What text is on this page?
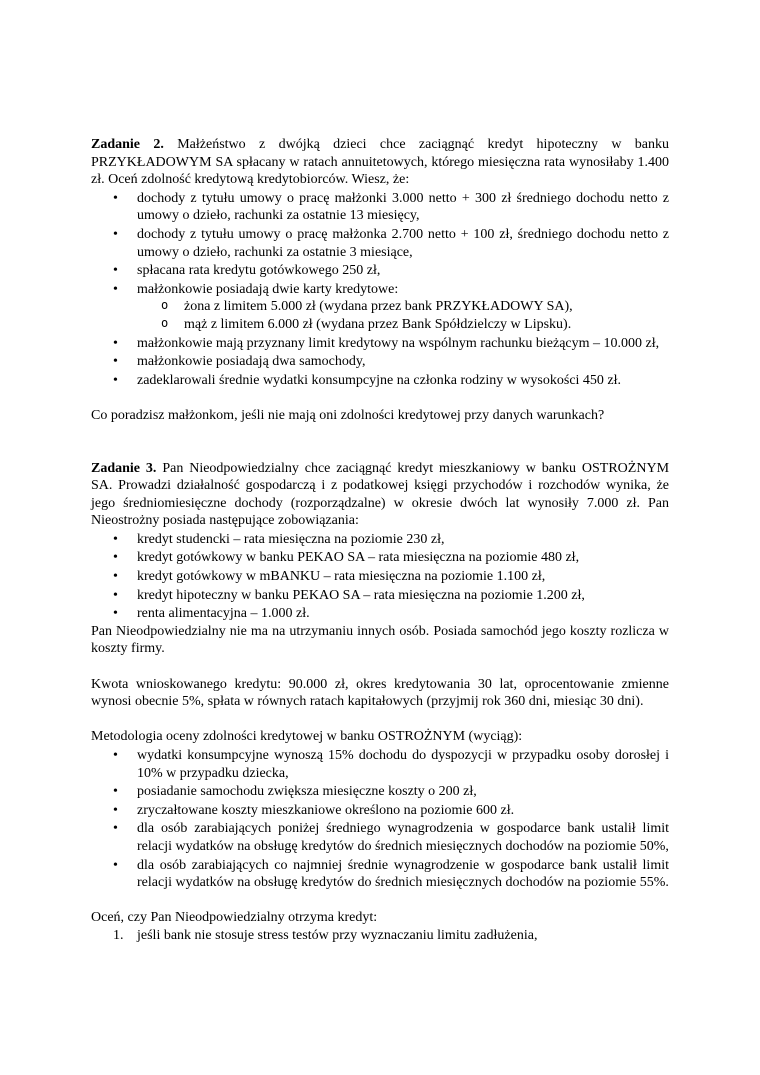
Zadanie 2. Małżeństwo z dwójką dzieci chce zaciągnąć kredyt hipoteczny w banku PRZYKŁADOWYM SA spłacany w ratach annuitetowych, którego miesięczna rata wynosiłaby 1.400 zł. Oceń zdolność kredytową kredytobiorców. Wiesz, że:

• dochody z tytułu umowy o pracę małżonki 3.000 netto + 300 zł średniego dochodu netto z umowy o dzieło, rachunki za ostatnie 13 miesięcy,
• dochody z tytułu umowy o pracę małżonka 2.700 netto + 100 zł, średniego dochodu netto z umowy o dzieło, rachunki za ostatnie 3 miesiące,
• spłacana rata kredytu gotówkowego 250 zł,
• małżonkowie posiadają dwie karty kredytowe:
o żona z limitem 5.000 zł (wydana przez bank PRZYKŁADOWY SA),
o mąż z limitem 6.000 zł (wydana przez Bank Spółdzielczy w Lipsku).
• małżonkowie mają przyznany limit kredytowy na wspólnym rachunku bieżącym – 10.000 zł,
• małżonkowie posiadają dwa samochody,
• zadeklarowali średnie wydatki konsumpcyjne na członka rodziny w wysokości 450 zł.

Co poradzisz małżonkom, jeśli nie mają oni zdolności kredytowej przy danych warunkach?

Zadanie 3. Pan Nieodpowiedzialny chce zaciągnąć kredyt mieszkaniowy w banku OSTROŻNYM SA. Prowadzi działalność gospodarczą i z podatkowej księgi przychodów i rozchodów wynika, że jego średniomiesięczne dochody (rozporządzalne) w okresie dwóch lat wynosiły 7.000 zł. Pan Nieostrożny posiada następujące zobowiązania:

• kredyt studencki – rata miesięczna na poziomie 230 zł,
• kredyt gotówkowy w banku PEKAO SA – rata miesięczna na poziomie 480 zł,
• kredyt gotówkowy w mBANKU – rata miesięczna na poziomie 1.100 zł,
• kredyt hipoteczny w banku PEKAO SA – rata miesięczna na poziomie 1.200 zł,
• renta alimentacyjna – 1.000 zł.

Pan Nieodpowiedzialny nie ma na utrzymaniu innych osób. Posiada samochód jego koszty rozlicza w koszty firmy.

Kwota wnioskowanego kredytu: 90.000 zł, okres kredytowania 30 lat, oprocentowanie zmienne wynosi obecnie 5%, spłata w równych ratach kapitałowych (przyjmij rok 360 dni, miesiąc 30 dni).

Metodologia oceny zdolności kredytowej w banku OSTROŻNYM (wyciąg):

• wydatki konsumpcyjne wynoszą 15% dochodu do dyspozycji w przypadku osoby dorosłej i 10% w przypadku dziecka,
• posiadanie samochodu zwiększa miesięczne koszty o 200 zł,
• zryczałtowane koszty mieszkaniowe określono na poziomie 600 zł.
• dla osób zarabiających poniżej średniego wynagrodzenia w gospodarce bank ustalił limit relacji wydatków na obsługę kredytów do średnich miesięcznych dochodów na poziomie 50%,
• dla osób zarabiających co najmniej średnie wynagrodzenie w gospodarce bank ustalił limit relacji wydatków na obsługę kredytów do średnich miesięcznych dochodów na poziomie 55%.

Oceń, czy Pan Nieodpowiedzialny otrzyma kredyt:

1. jeśli bank nie stosuje stress testów przy wyznaczaniu limitu zadłużenia,
